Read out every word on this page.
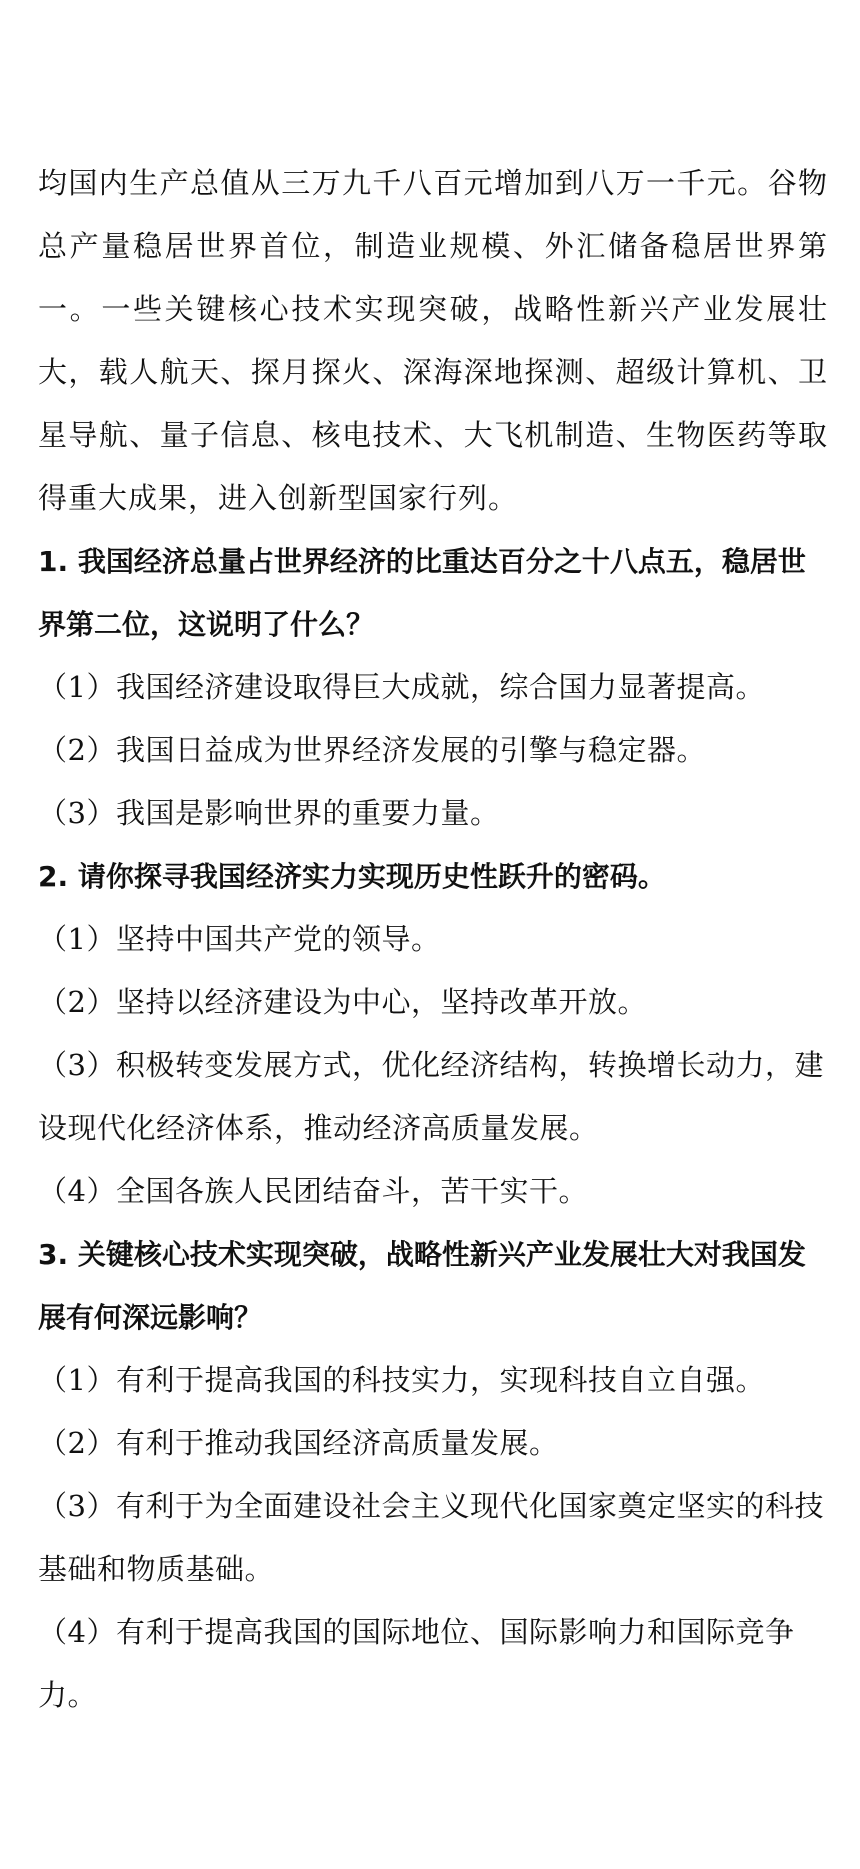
均国内生产总值从三万九千八百元增加到八万一千元。谷物总产量稳居世界首位，制造业规模、外汇储备稳居世界第一。一些关键核心技术实现突破，战略性新兴产业发展壮大，载人航天、探月探火、深海深地探测、超级计算机、卫星导航、量子信息、核电技术、大飞机制造、生物医药等取得重大成果，进入创新型国家行列。

1. 我国经济总量占世界经济的比重达百分之十八点五，稳居世界第二位，这说明了什么？

（1）我国经济建设取得巨大成就，综合国力显著提高。

（2）我国日益成为世界经济发展的引擎与稳定器。

（3）我国是影响世界的重要力量。

2. 请你探寻我国经济实力实现历史性跃升的密码。

（1）坚持中国共产党的领导。

（2）坚持以经济建设为中心，坚持改革开放。

（3）积极转变发展方式，优化经济结构，转换增长动力，建设现代化经济体系，推动经济高质量发展。

（4）全国各族人民团结奋斗，苦干实干。

3. 关键核心技术实现突破，战略性新兴产业发展壮大对我国发展有何深远影响？

（1）有利于提高我国的科技实力，实现科技自立自强。

（2）有利于推动我国经济高质量发展。

（3）有利于为全面建设社会主义现代化国家奠定坚实的科技基础和物质基础。

（4）有利于提高我国的国际地位、国际影响力和国际竞争力。
